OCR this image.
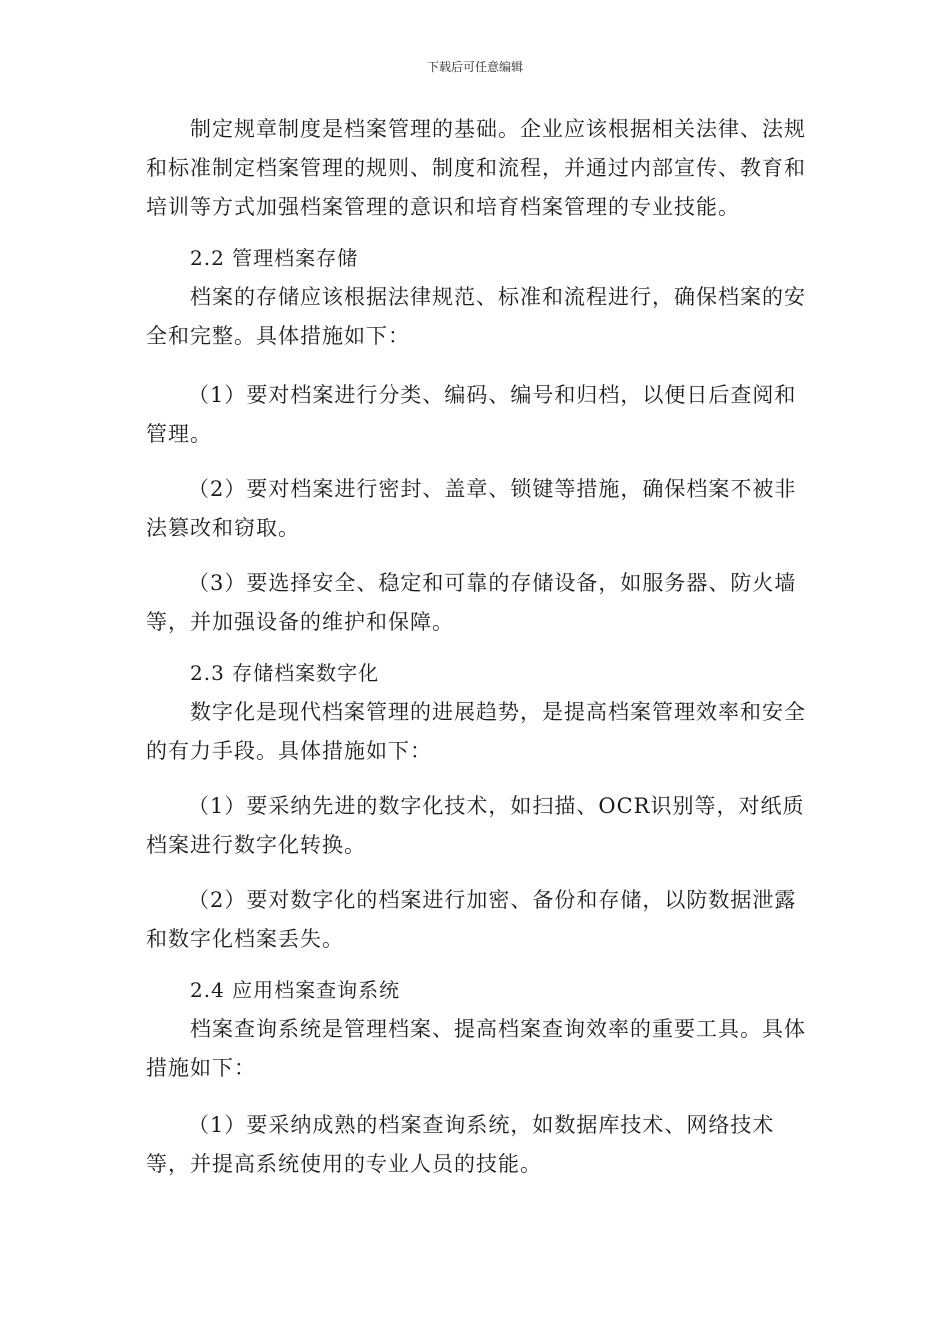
下载后可任意编辑

制定规章制度是档案管理的基础。企业应该根据相关法律、法规和标准制定档案管理的规则、制度和流程，并通过内部宣传、教育和培训等方式加强档案管理的意识和培育档案管理的专业技能。

2.2 管理档案存储

档案的存储应该根据法律规范、标准和流程进行，确保档案的安全和完整。具体措施如下：

（1）要对档案进行分类、编码、编号和归档，以便日后查阅和管理。

（2）要对档案进行密封、盖章、锁键等措施，确保档案不被非法篡改和窃取。

（3）要选择安全、稳定和可靠的存储设备，如服务器、防火墙等，并加强设备的维护和保障。

2.3 存储档案数字化

数字化是现代档案管理的进展趋势，是提高档案管理效率和安全的有力手段。具体措施如下：

（1）要采纳先进的数字化技术，如扫描、OCR识别等，对纸质档案进行数字化转换。

（2）要对数字化的档案进行加密、备份和存储，以防数据泄露和数字化档案丢失。

2.4 应用档案查询系统

档案查询系统是管理档案、提高档案查询效率的重要工具。具体措施如下：

（1）要采纳成熟的档案查询系统，如数据库技术、网络技术等，并提高系统使用的专业人员的技能。
